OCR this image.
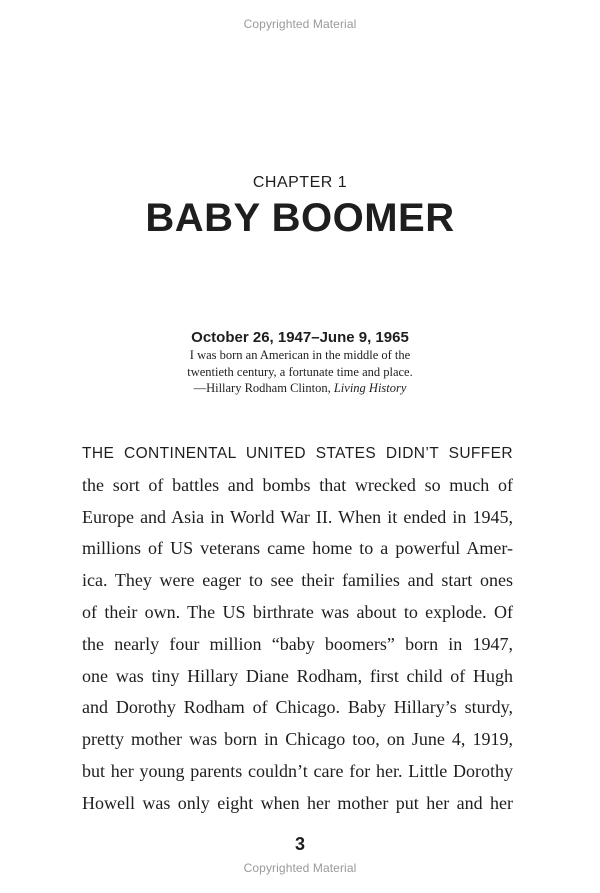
Copyrighted Material
CHAPTER 1
BABY BOOMER
October 26, 1947–June 9, 1965
I was born an American in the middle of the
twentieth century, a fortunate time and place.
—Hillary Rodham Clinton, Living History
THE CONTINENTAL UNITED STATES DIDN’T SUFFER
the sort of battles and bombs that wrecked so much of
Europe and Asia in World War II. When it ended in 1945,
millions of US veterans came home to a powerful Amer-
ica. They were eager to see their families and start ones
of their own. The US birthrate was about to explode. Of
the nearly four million “baby boomers” born in 1947,
one was tiny Hillary Diane Rodham, first child of Hugh
and Dorothy Rodham of Chicago. Baby Hillary’s sturdy,
pretty mother was born in Chicago too, on June 4, 1919,
but her young parents couldn’t care for her. Little Dorothy
Howell was only eight when her mother put her and her
3
Copyrighted Material
